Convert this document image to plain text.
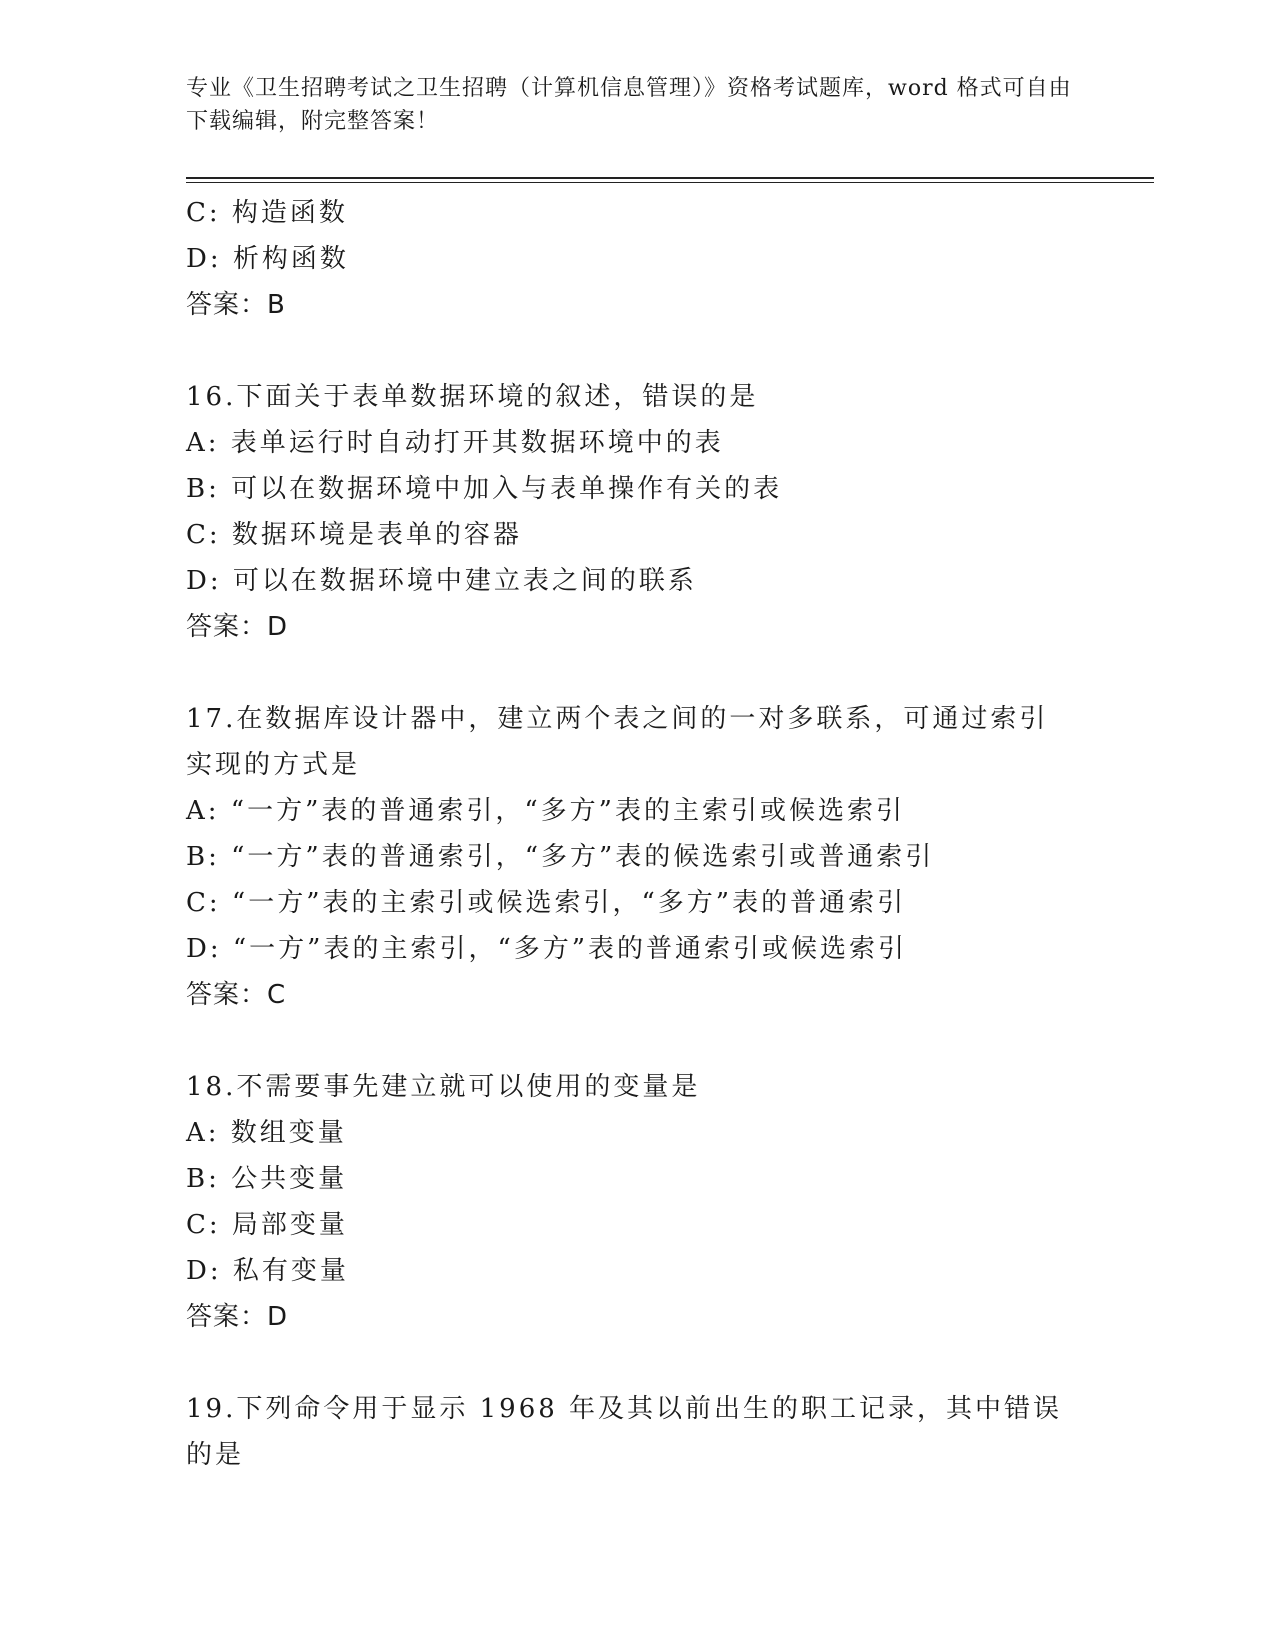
专业《卫生招聘考试之卫生招聘（计算机信息管理）》资格考试题库，word 格式可自由下载编辑，附完整答案！
C: 构造函数
D: 析构函数
答案：B
16.下面关于表单数据环境的叙述，错误的是
A: 表单运行时自动打开其数据环境中的表
B: 可以在数据环境中加入与表单操作有关的表
C: 数据环境是表单的容器
D: 可以在数据环境中建立表之间的联系
答案：D
17.在数据库设计器中，建立两个表之间的一对多联系，可通过索引实现的方式是
A: “一方”表的普通索引，“多方”表的主索引或候选索引
B: “一方”表的普通索引，“多方”表的候选索引或普通索引
C: “一方”表的主索引或候选索引，“多方”表的普通索引
D: “一方”表的主索引，“多方”表的普通索引或候选索引
答案：C
18.不需要事先建立就可以使用的变量是
A: 数组变量
B: 公共变量
C: 局部变量
D: 私有变量
答案：D
19.下列命令用于显示 1968 年及其以前出生的职工记录，其中错误的是
